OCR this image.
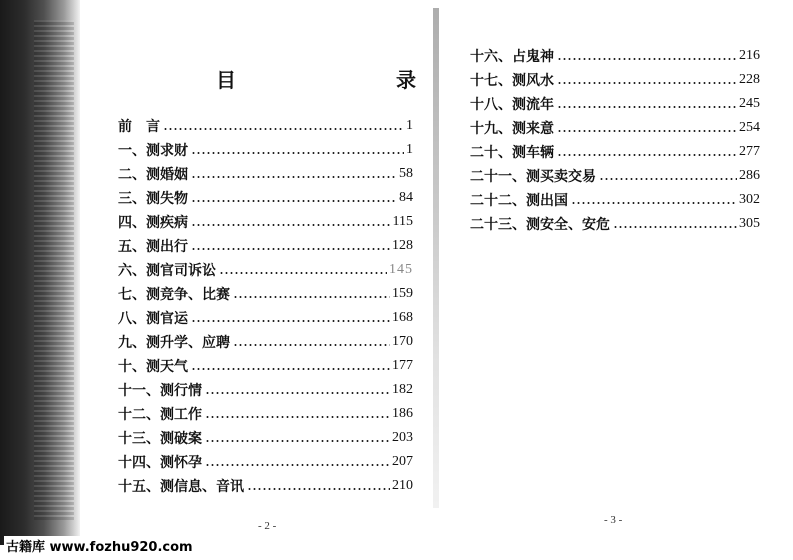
目　　录
前　言	1
一、测求财	1
二、测婚姻	58
三、测失物	84
四、测疾病	115
五、测出行	128
六、测官司诉讼	145
七、测竞争、比赛	159
八、测官运	168
九、测升学、应聘	170
十、测天气	177
十一、测行情	182
十二、测工作	186
十三、测破案	203
十四、测怀孕	207
十五、测信息、音讯	210
十六、占鬼神	216
十七、测风水	228
十八、测流年	245
十九、测来意	254
二十、测车辆	277
二十一、测买卖交易	286
二十二、测出国	302
二十三、测安全、安危	305
- 2 -	- 3 -
古籍库 www.fozhu920.com
